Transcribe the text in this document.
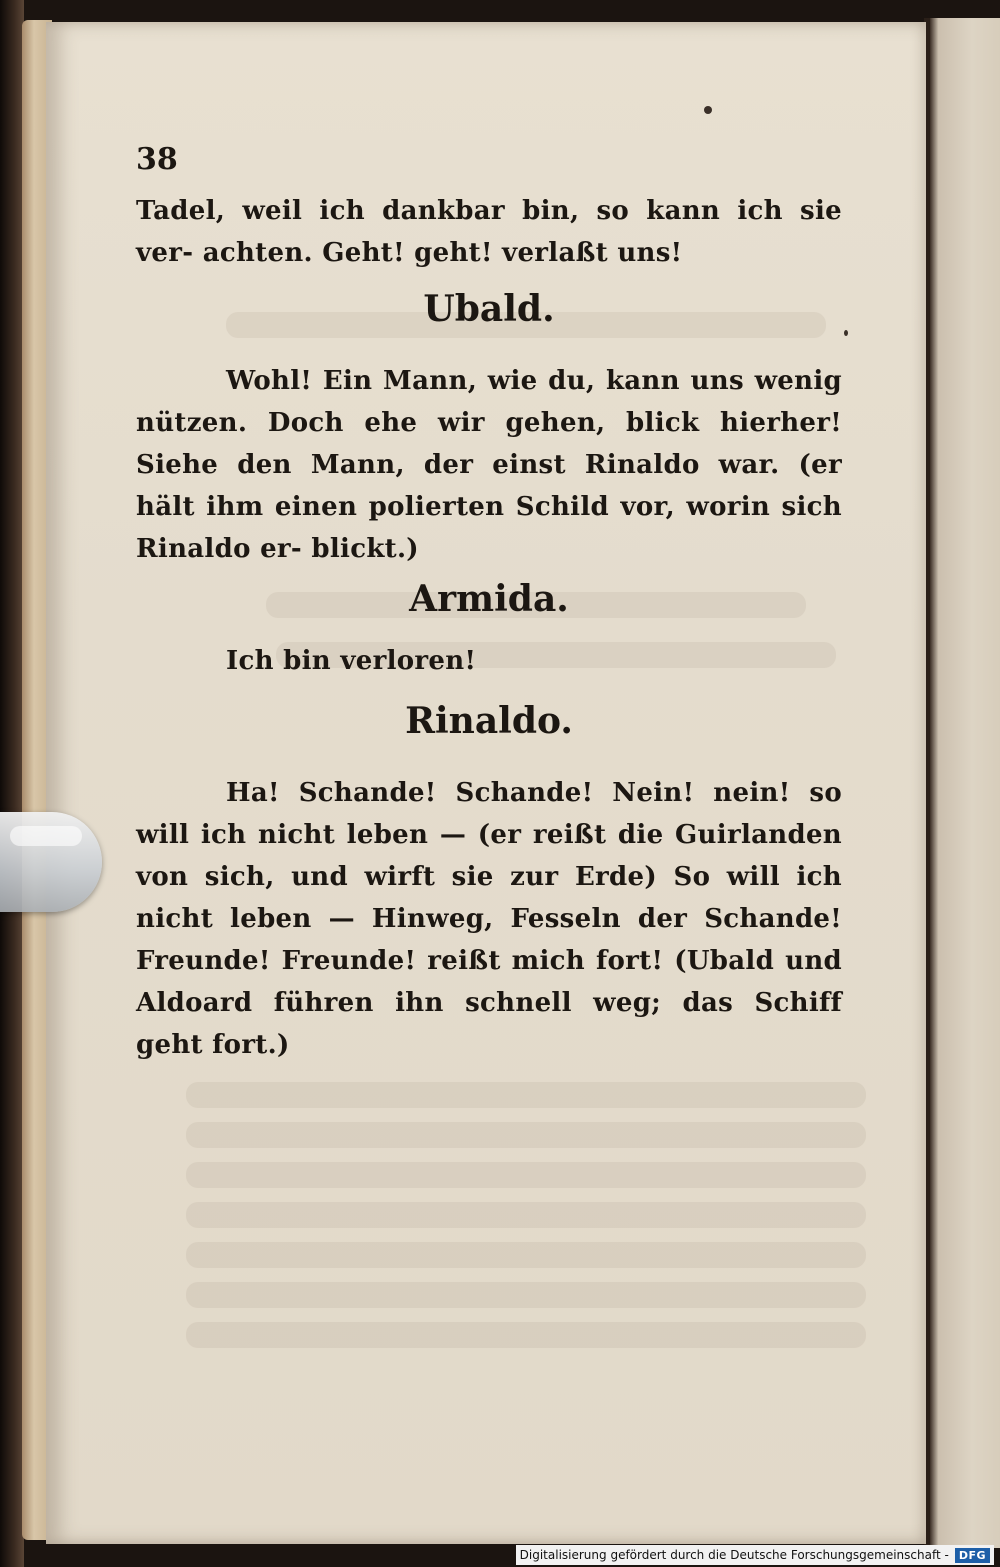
38
Tadel, weil ich dankbar bin, so kann ich sie ver- achten. Geht! geht! verlaßt uns!
Ubald.
Wohl! Ein Mann, wie du, kann uns wenig nützen. Doch ehe wir gehen, blick hierher! Siehe den Mann, der einst Rinaldo war. (er hält ihm einen polierten Schild vor, worin sich Rinaldo er- blickt.)
Armida.
Ich bin verloren!
Rinaldo.
Ha! Schande! Schande! Nein! nein! so will ich nicht leben — (er reißt die Guirlanden von sich, und wirft sie zur Erde) So will ich nicht leben — Hinweg, Fesseln der Schande! Freunde! Freunde! reißt mich fort! (Ubald und Aldoard führen ihn schnell weg; das Schiff geht fort.)
Digitalisierung gefördert durch die Deutsche Forschungsgemeinschaft - DFG
